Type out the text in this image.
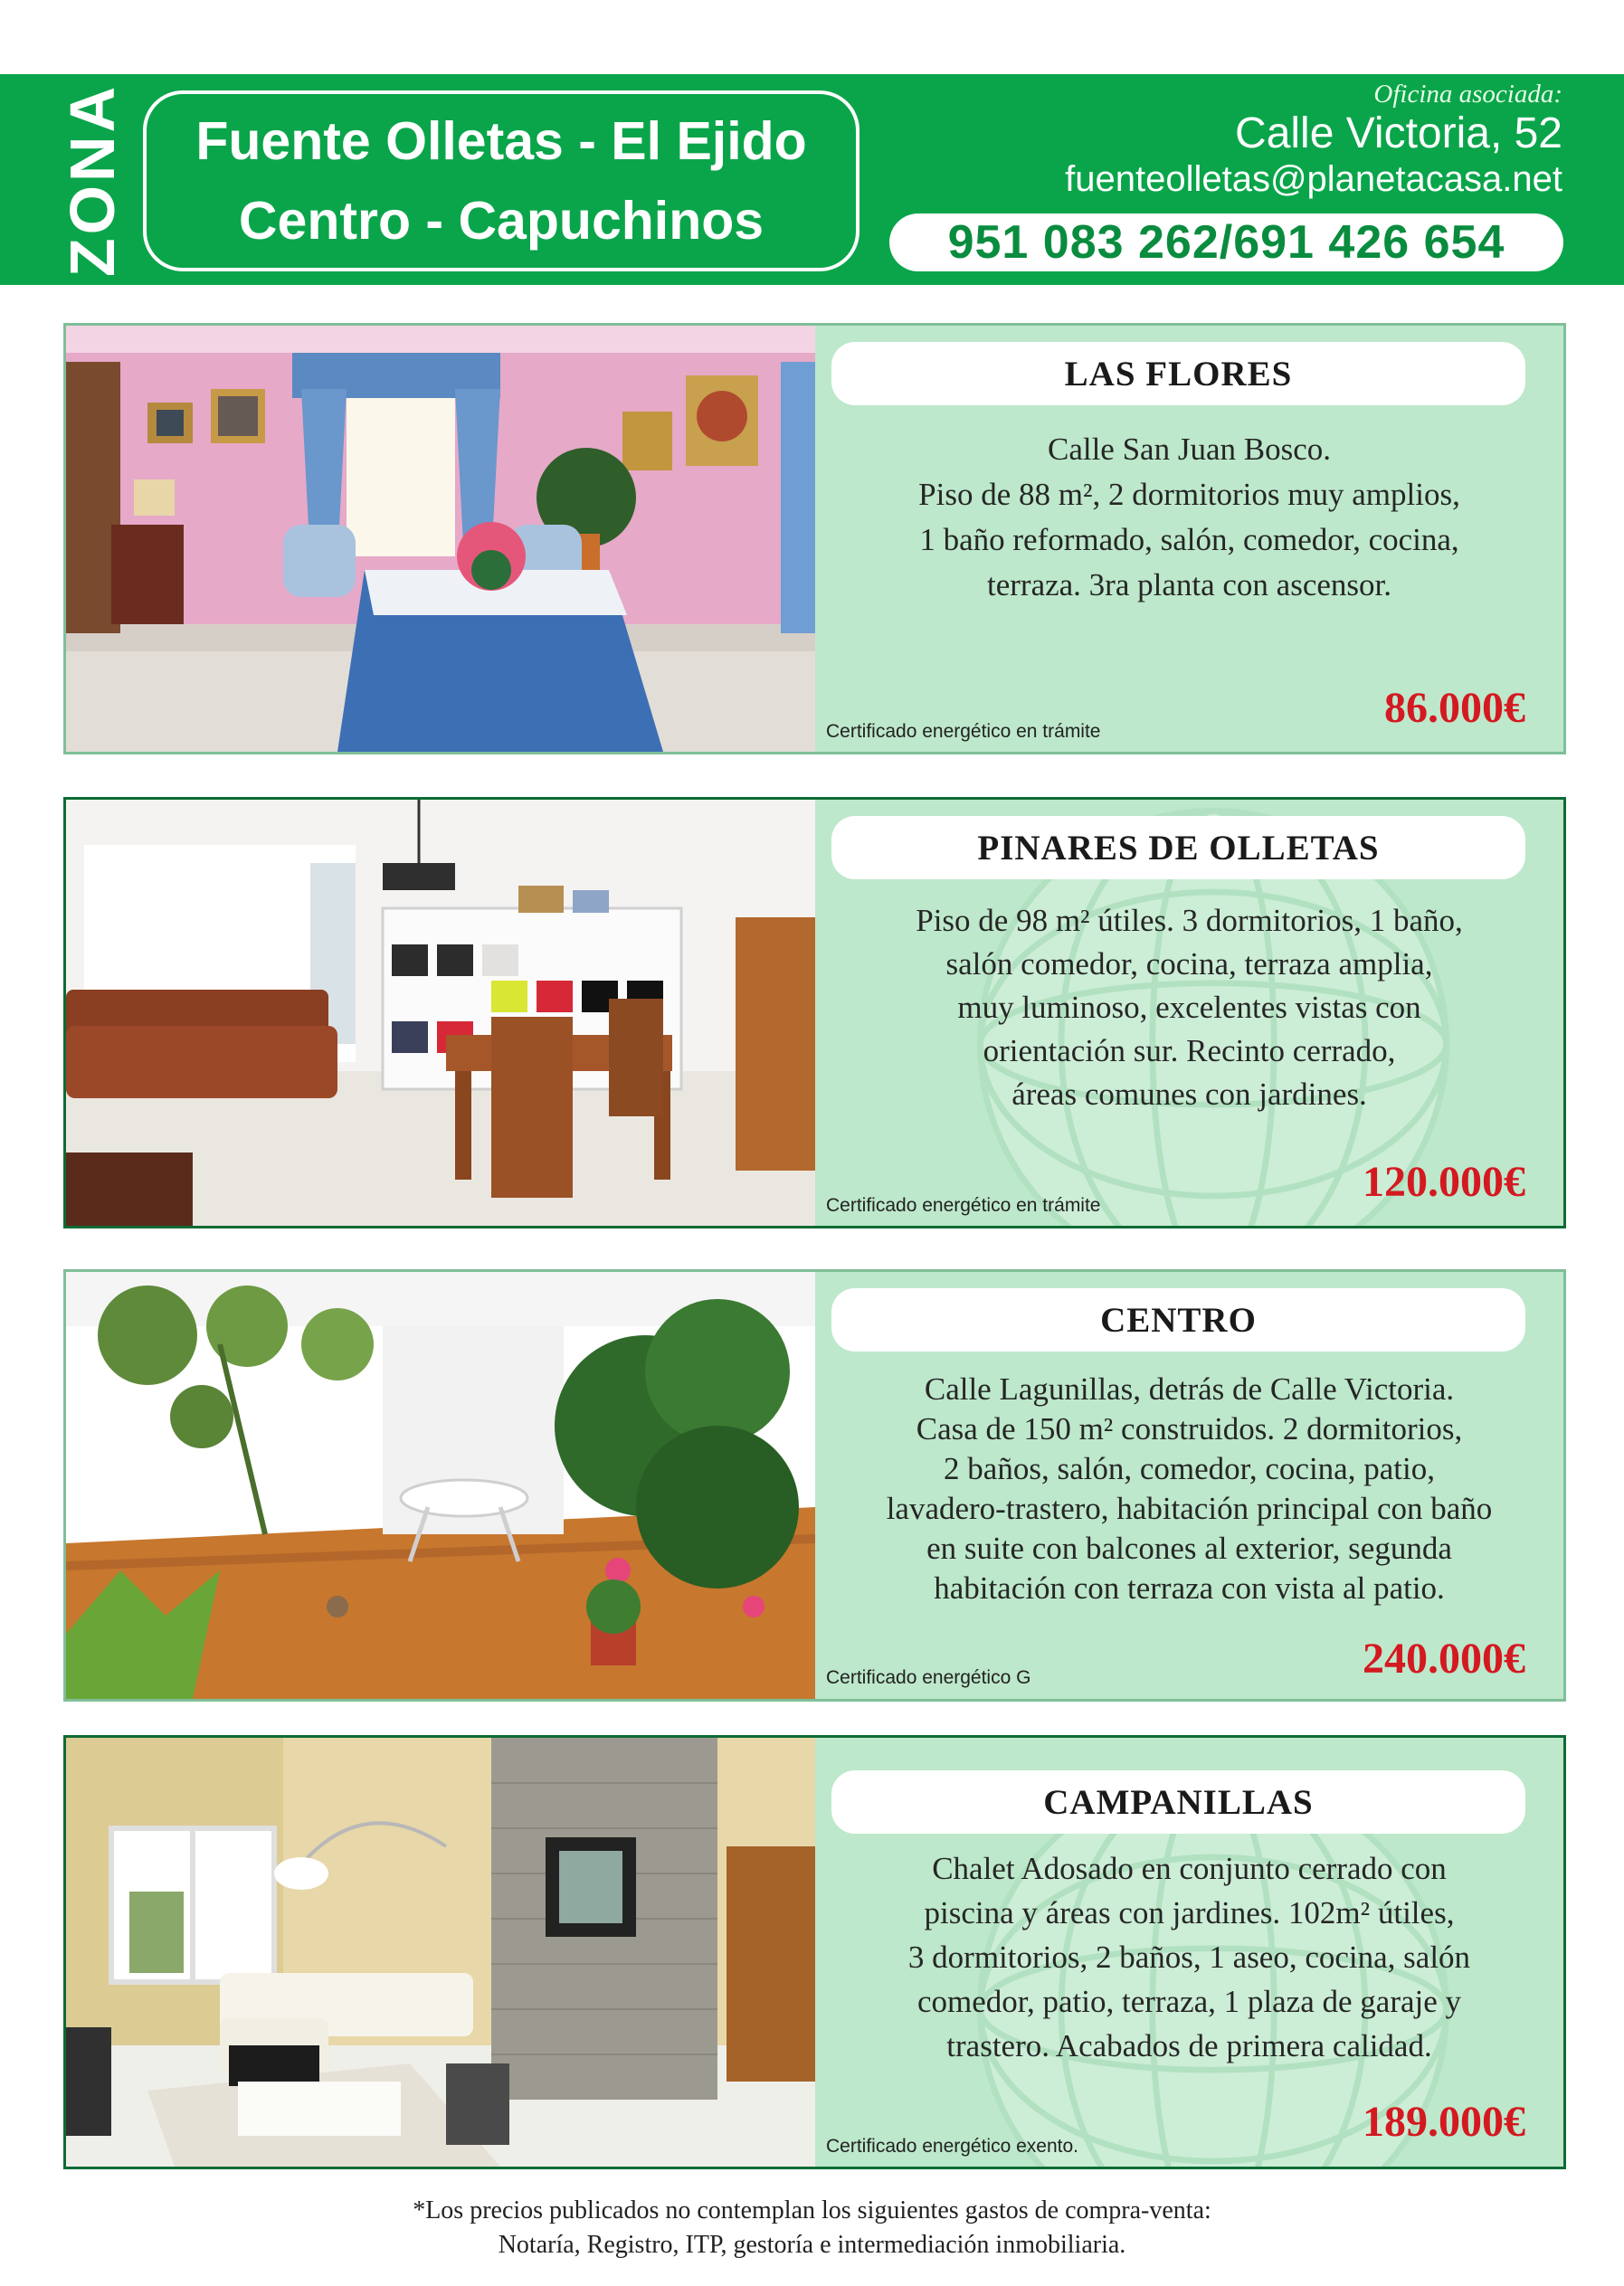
ZONA Fuente Olletas - El Ejido
Centro - Capuchinos
Oficina asociada:
Calle Victoria, 52
fuenteolletas@planetacasa.net
951 083 262/691 426 654
LAS FLORES
Calle San Juan Bosco.
Piso de 88 m², 2 dormitorios muy amplios,
1 baño reformado, salón, comedor, cocina,
terraza. 3ra planta con ascensor.
86.000€
Certificado energético en trámite
PINARES DE OLLETAS
Piso de 98 m² útiles. 3 dormitorios, 1 baño,
salón comedor, cocina, terraza amplia,
muy luminoso, excelentes vistas con
orientación sur. Recinto cerrado,
áreas comunes con jardines.
120.000€
Certificado energético en trámite
CENTRO
Calle Lagunillas, detrás de Calle Victoria.
Casa de 150 m² construidos. 2 dormitorios,
2 baños, salón, comedor, cocina, patio,
lavadero-trastero, habitación principal con baño
en suite con balcones al exterior, segunda
habitación con terraza con vista al patio.
240.000€
Certificado energético G
CAMPANILLAS
Chalet Adosado en conjunto cerrado con
piscina y áreas con jardines. 102m² útiles,
3 dormitorios, 2 baños, 1 aseo, cocina, salón
comedor, patio, terraza, 1 plaza de garaje y
trastero. Acabados de primera calidad.
189.000€
Certificado energético exento.
*Los precios publicados no contemplan los siguientes gastos de compra-venta:
Notaría, Registro, ITP, gestoría e intermediación inmobiliaria.
